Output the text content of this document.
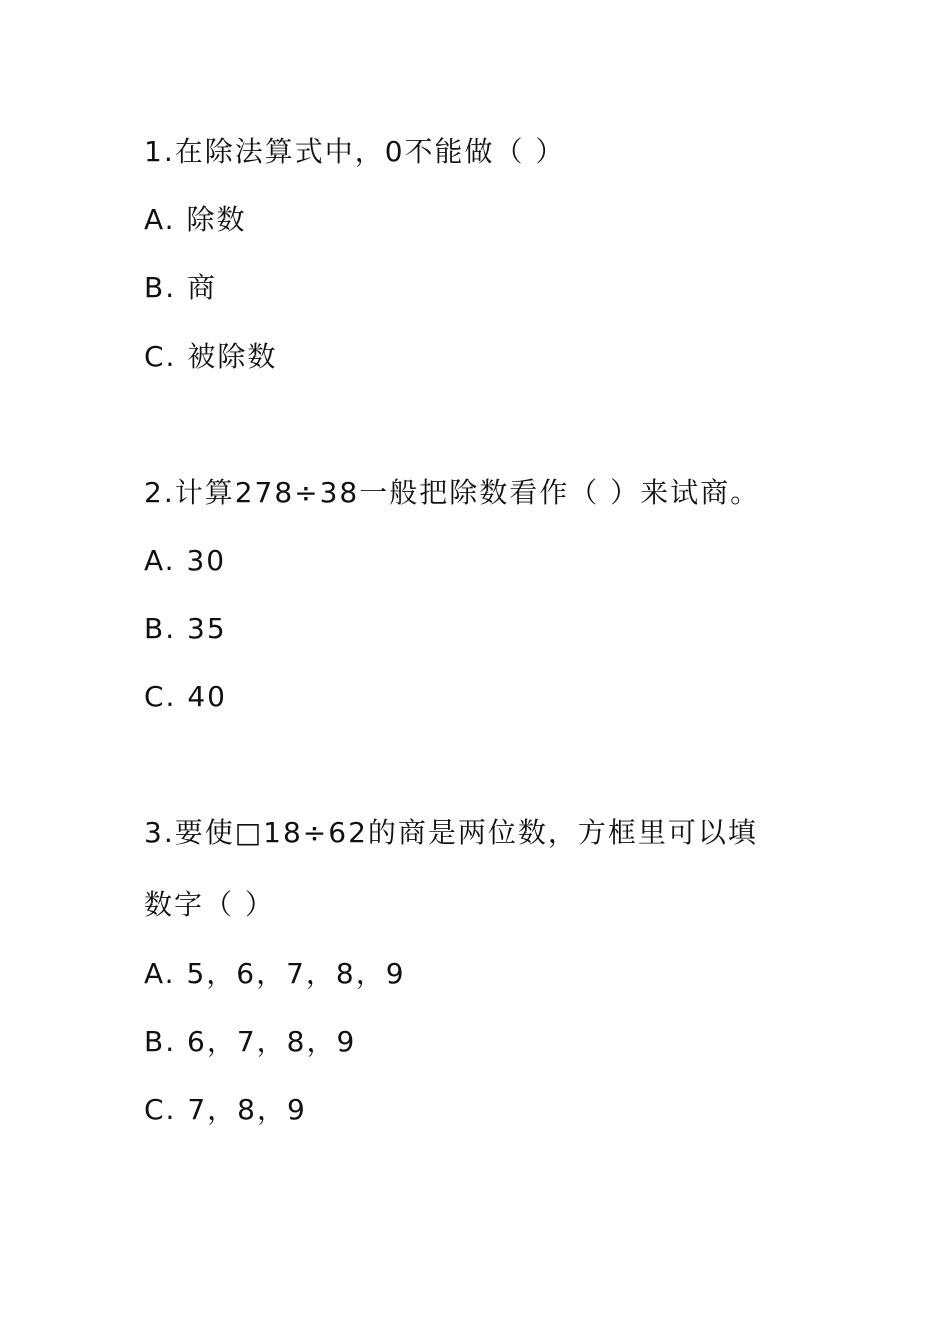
1.在除法算式中，0不能做（ ）
A. 除数
B. 商
C. 被除数
2.计算278÷38一般把除数看作（ ）来试商。
A. 30
B. 35
C. 40
3.要使□18÷62的商是两位数，方框里可以填
数字（ ）
A. 5，6，7，8，9
B. 6，7，8，9
C. 7，8，9
